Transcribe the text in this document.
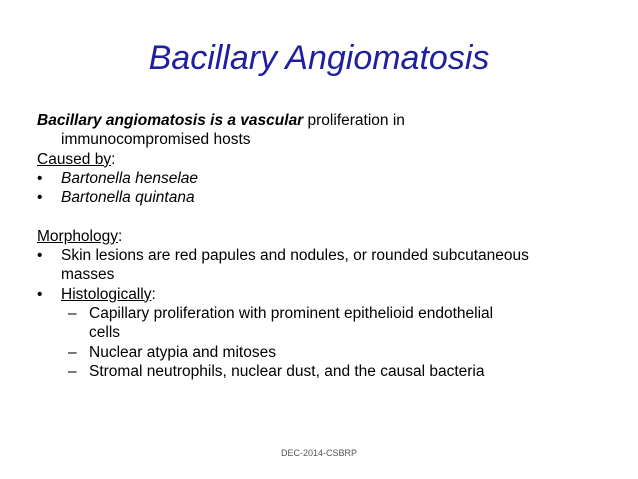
Bacillary Angiomatosis
Bacillary angiomatosis is a vascular proliferation in
immunocompromised hosts
Caused by:
•	Bartonella henselae
•	Bartonella quintana
Morphology:
•	Skin lesions are red papules and nodules, or rounded subcutaneous
masses
•	Histologically:
– Capillary proliferation with prominent epithelioid endothelial
cells
– Nuclear atypia and mitoses
– Stromal neutrophils, nuclear dust, and the causal bacteria
DEC-2014-CSBRP
